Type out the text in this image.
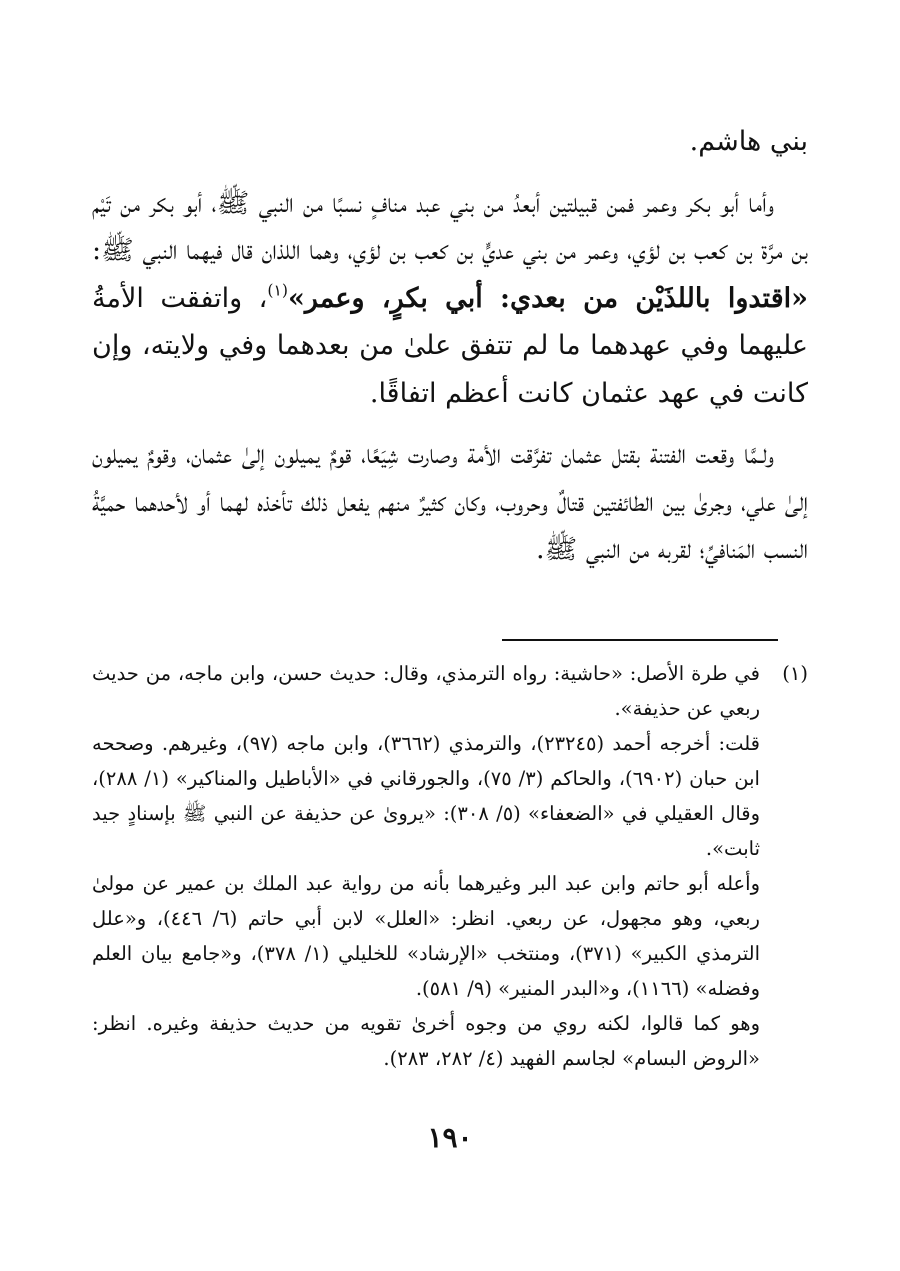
بني هاشم.

وأما أبو بكر وعمر فمن قبيلتين أبعدُ من بني عبد منافٍ نسبًا من النبي ﷺ، أبو بكر من تَيْم بن مرَّة بن كعب بن لؤي، وعمر من بني عديٍّ بن كعب بن لؤي، وهما اللذان قال فيهما النبي ﷺ: «اقتدوا باللذَيْن من بعدي: أبي بكرٍ، وعمر»$^{(١)}$، واتفقت الأمةُ عليهما وفي عهدهما ما لم تتفق علىٰ من بعدهما وفي ولايته، وإن كانت في عهد عثمان كانت أعظم اتفاقًا.

ولـمَّا وقعت الفتنة بقتل عثمان تفرَّقت الأمة وصارت شِيَعًا، قومٌ يميلون إلىٰ عثمان، وقومٌ يميلون إلىٰ علي، وجرىٰ بين الطائفتين قتالٌ وحروب، وكان كثيرٌ منهم يفعل ذلك تأخذه لهما أو لأحدهما حميَّةُ النسب المَنافيِّ؛ لقربه من النبي ﷺ.

(١)

في طرة الأصل: «حاشية: رواه الترمذي، وقال: حديث حسن، وابن ماجه، من حديث ربعي عن حذيفة».

قلت: أخرجه أحمد (٢٣٢٤٥)، والترمذي (٣٦٦٢)، وابن ماجه (٩٧)، وغيرهم. وصححه ابن حبان (٦٩٠٢)، والحاكم (٣/ ٧٥)، والجورقاني في «الأباطيل والمناكير» (١/ ٢٨٨)، وقال العقيلي في «الضعفاء» (٥/ ٣٠٨): «يروىٰ عن حذيفة عن النبي ﷺ بإسنادٍ جيد ثابت».

وأعله أبو حاتم وابن عبد البر وغيرهما بأنه من رواية عبد الملك بن عمير عن مولىٰ ربعي، وهو مجهول، عن ربعي. انظر: «العلل» لابن أبي حاتم (٦/ ٤٤٦)، و«علل الترمذي الكبير» (٣٧١)، ومنتخب «الإرشاد» للخليلي (١/ ٣٧٨)، و«جامع بيان العلم وفضله» (١١٦٦)، و«البدر المنير» (٩/ ٥٨١).

وهو كما قالوا، لكنه روي من وجوه أخرىٰ تقويه من حديث حذيفة وغيره. انظر: «الروض البسام» لجاسم الفهيد (٤/ ٢٨٢، ٢٨٣).

١٩٠
